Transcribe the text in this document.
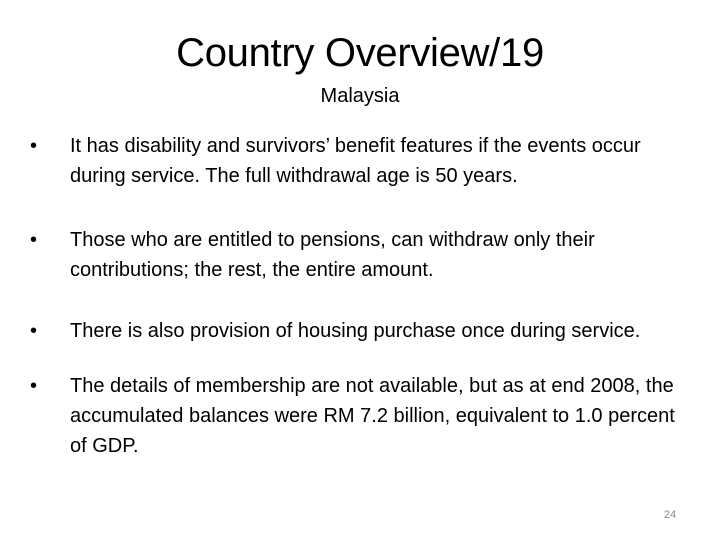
Country Overview/19
Malaysia
•	It has disability and survivors’ benefit features if the events occur during service. The full withdrawal age is 50 years.
•	Those who are entitled to pensions, can withdraw only their contributions; the rest, the entire amount.
•	There is also provision of housing purchase once during service.
•	The details of membership are not available, but as at end 2008, the accumulated balances were RM 7.2 billion, equivalent to 1.0 percent of GDP.
24
